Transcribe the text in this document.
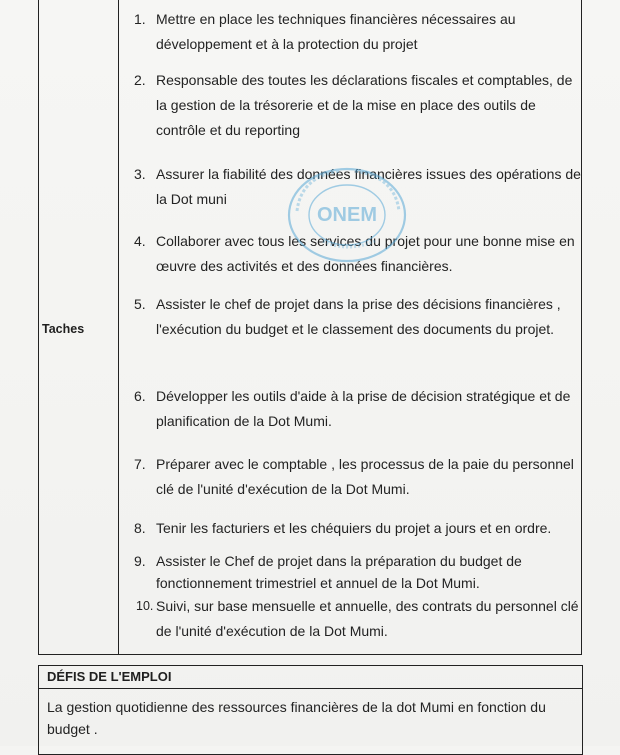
Taches
1. Mettre en place les techniques financières nécessaires au développement et à la protection du projet

2. Responsable des toutes les déclarations fiscales et comptables, de la gestion de la trésorerie et de la mise en place des outils de contrôle et du reporting

3. Assurer la fiabilité des données financières issues des opérations de la Dot muni

4. Collaborer avec tous les services du projet pour une bonne mise en œuvre des activités et des données financières.

5. Assister le chef de projet dans la prise des décisions financières , l'exécution du budget et le classement des documents du projet.

6. Développer les outils d'aide à la prise de décision stratégique et de planification de la Dot Mumi.

7. Préparer avec le comptable , les processus de la paie du personnel clé de l'unité d'exécution de la Dot Mumi.

8. Tenir les facturiers et les chéquiers du projet a jours et en ordre.

9. Assister le Chef de projet dans la préparation du budget de fonctionnement trimestriel et annuel de la Dot Mumi.

10. Suivi, sur base mensuelle et annuelle, des contrats du personnel clé de l'unité d'exécution de la Dot Mumi.

ONEM
DÉFIS DE L'EMPLOI
La gestion quotidienne des ressources financières de la dot Mumi en fonction du budget .
